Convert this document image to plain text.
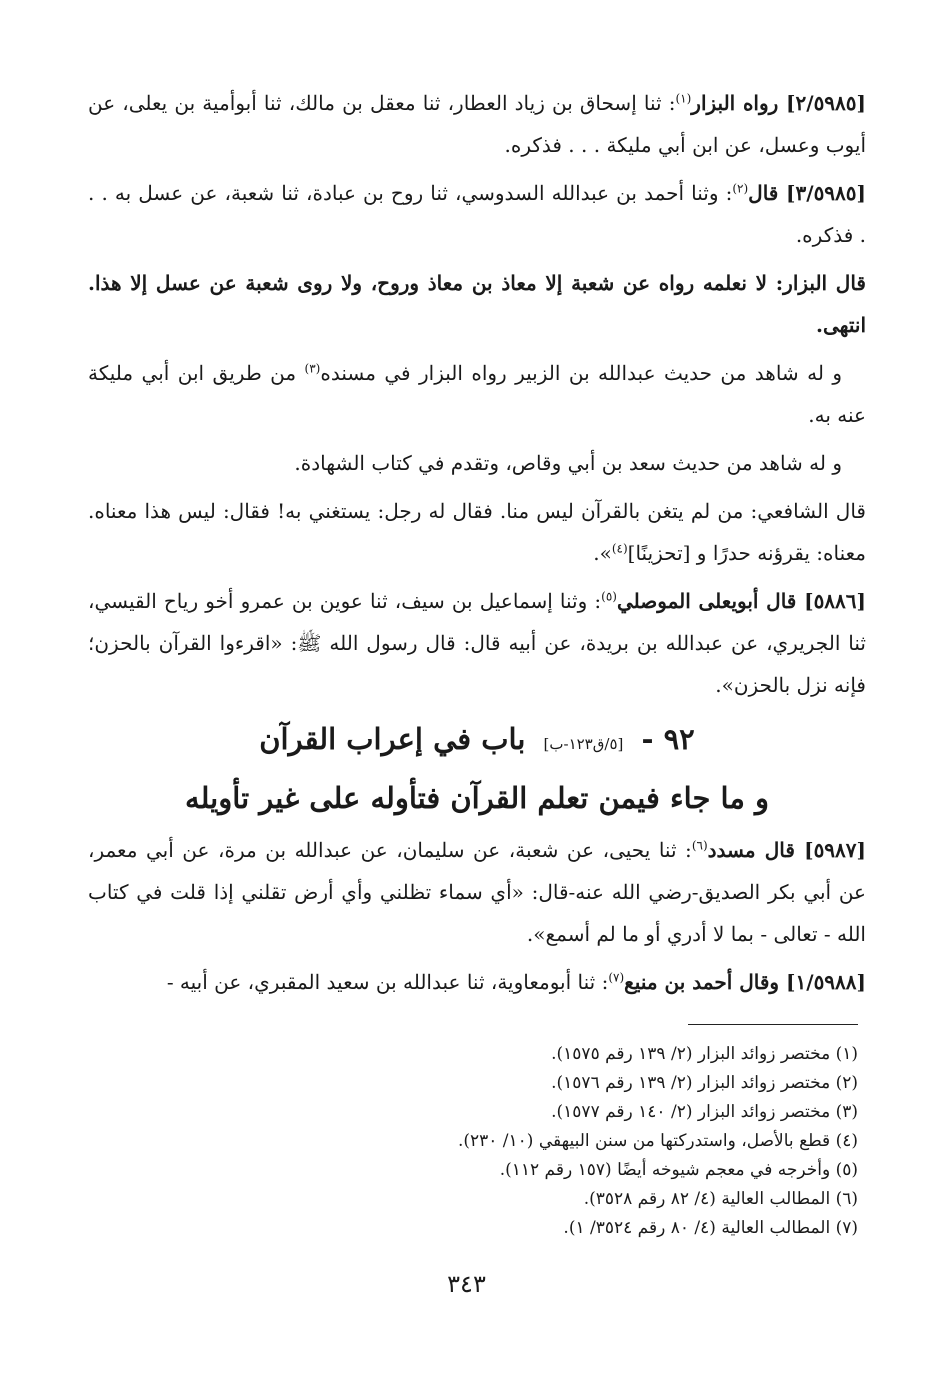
[٢/٥٩٨٥] رواه البزار$^{(١)}$: ثنا إسحاق بن زياد العطار، ثنا معقل بن مالك، ثنا أبوأمية بن يعلى، عن أيوب وعسل، عن ابن أبي مليكة . . . فذكره.

[٣/٥٩٨٥] قال$^{(٢)}$: وثنا أحمد بن عبدالله السدوسي، ثنا روح بن عبادة، ثنا شعبة، عن عسل به . . . فذكره.

قال البزار: لا نعلمه رواه عن شعبة إلا معاذ بن معاذ وروح، ولا روى شعبة عن عسل إلا هذا. انتهى.

و له شاهد من حديث عبدالله بن الزبير رواه البزار في مسنده$^{(٣)}$ من طريق ابن أبي مليكة عنه به.

و له شاهد من حديث سعد بن أبي وقاص، وتقدم في كتاب الشهادة.

قال الشافعي: من لم يتغن بالقرآن ليس منا. فقال له رجل: يستغني به! فقال: ليس هذا معناه. معناه: يقرؤنه حدرًا و [تحزينًا]$^{(٤)}$».

[٥٨٨٦] قال أبويعلى الموصلي$^{(٥)}$: وثنا إسماعيل بن سيف، ثنا عوين بن عمرو أخو رياح القيسي، ثنا الجريري، عن عبدالله بن بريدة، عن أبيه قال: قال رسول الله ﷺ: «اقرءوا القرآن بالحزن؛ فإنه نزل بالحزن».

٩٢ - [٥/ق١٢٣-ب] باب في إعراب القرآن
و ما جاء فيمن تعلم القرآن فتأوله على غير تأويله

[٥٩٨٧] قال مسدد$^{(٦)}$: ثنا يحيى، عن شعبة، عن سليمان، عن عبدالله بن مرة، عن أبي معمر، عن أبي بكر الصديق-رضي الله عنه-قال: «أي سماء تظلني وأي أرض تقلني إذا قلت في كتاب الله - تعالى - بما لا أدري أو ما لم أسمع».

[١/٥٩٨٨] وقال أحمد بن منيع$^{(٧)}$: ثنا أبومعاوية، ثنا عبدالله بن سعيد المقبري، عن أبيه -

(١) مختصر زوائد البزار (٢/ ١٣٩ رقم ١٥٧٥).
(٢) مختصر زوائد البزار (٢/ ١٣٩ رقم ١٥٧٦).
(٣) مختصر زوائد البزار (٢/ ١٤٠ رقم ١٥٧٧).
(٤) قطع بالأصل، واستدركتها من سنن البيهقي (١٠/ ٢٣٠).
(٥) وأخرجه في معجم شيوخه أيضًا (١٥٧ رقم ١١٢).
(٦) المطالب العالية (٤/ ٨٢ رقم ٣٥٢٨).
(٧) المطالب العالية (٤/ ٨٠ رقم ٣٥٢٤/ ١).
٣٤٣
